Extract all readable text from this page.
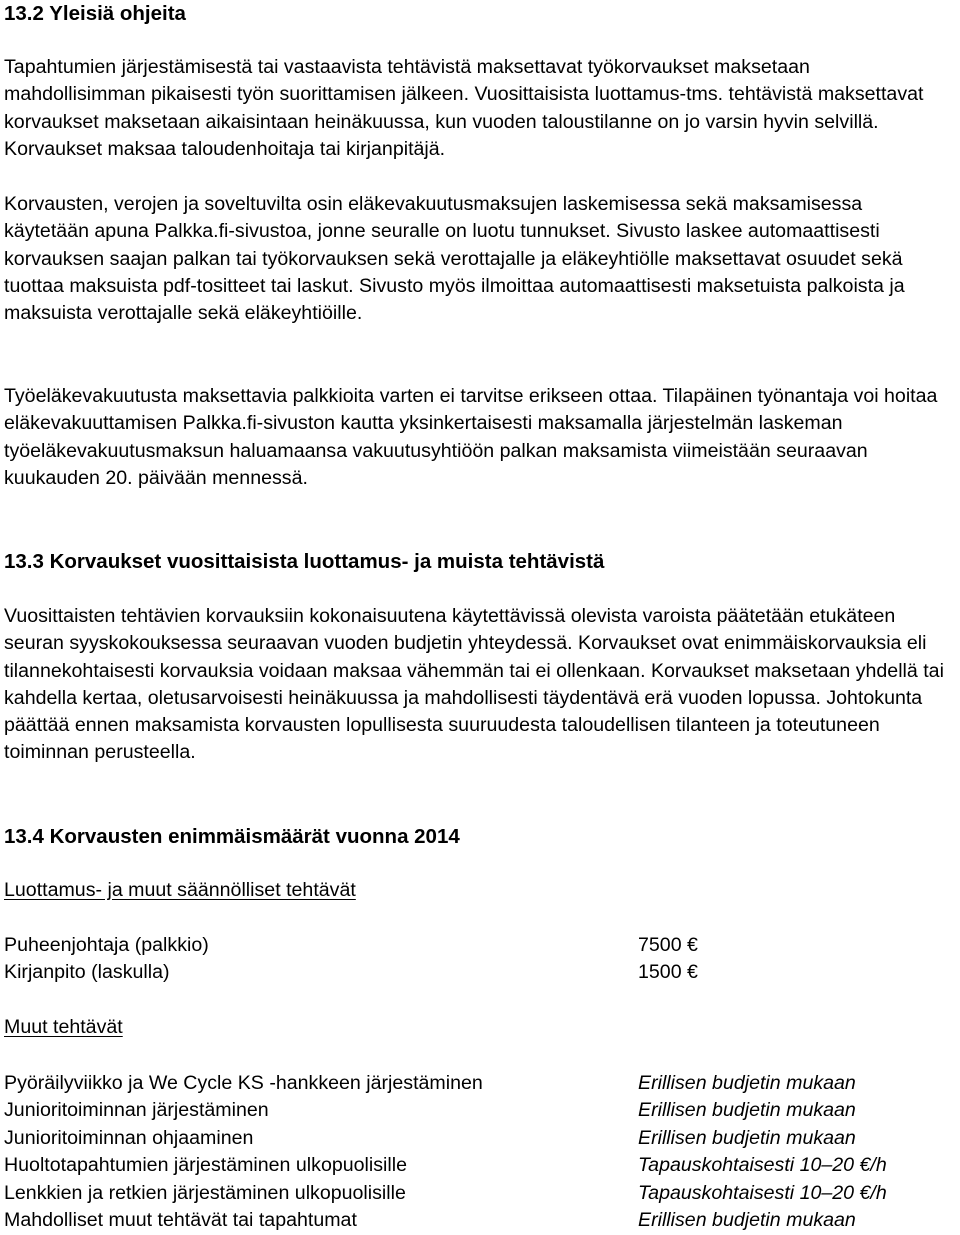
13.2 Yleisiä ohjeita

Tapahtumien järjestämisestä tai vastaavista tehtävistä maksettavat työkorvaukset maksetaan mahdollisimman pikaisesti työn suorittamisen jälkeen. Vuosittaisista luottamus-tms. tehtävistä maksettavat korvaukset maksetaan aikaisintaan heinäkuussa, kun vuoden taloustilanne on jo varsin hyvin selvillä. Korvaukset maksaa taloudenhoitaja tai kirjanpitäjä.

Korvausten, verojen ja soveltuvilta osin eläkevakuutusmaksujen laskemisessa sekä maksamisessa käytetään apuna Palkka.fi-sivustoa, jonne seuralle on luotu tunnukset. Sivusto laskee automaattisesti korvauksen saajan palkan tai työkorvauksen sekä verottajalle ja eläkeyhtiölle maksettavat osuudet sekä tuottaa maksuista pdf-tositteet tai laskut. Sivusto myös ilmoittaa automaattisesti maksetuista palkoista ja maksuista verottajalle sekä eläkeyhtiöille.

Työeläkevakuutusta maksettavia palkkioita varten ei tarvitse erikseen ottaa. Tilapäinen työnantaja voi hoitaa eläkevakuuttamisen Palkka.fi-sivuston kautta yksinkertaisesti maksamalla järjestelmän laskeman työeläkevakuutusmaksun haluamaansa vakuutusyhtiöön palkan maksamista viimeistään seuraavan kuukauden 20. päivään mennessä.

13.3 Korvaukset vuosittaisista luottamus- ja muista tehtävistä

Vuosittaisten tehtävien korvauksiin kokonaisuutena käytettävissä olevista varoista päätetään etukäteen seuran syyskokouksessa seuraavan vuoden budjetin yhteydessä. Korvaukset ovat enimmäiskorvauksia eli tilannekohtaisesti korvauksia voidaan maksaa vähemmän tai ei ollenkaan. Korvaukset maksetaan yhdellä tai kahdella kertaa, oletusarvoisesti heinäkuussa ja mahdollisesti täydentävä erä vuoden lopussa. Johtokunta päättää ennen maksamista korvausten lopullisesta suuruudesta taloudellisen tilanteen ja toteutuneen toiminnan perusteella.

13.4 Korvausten enimmäismäärät vuonna 2014

Luottamus- ja muut säännölliset tehtävät

Puheenjohtaja (palkkio)	7500 €
Kirjanpito (laskulla)	1500 €

Muut tehtävät

Pyöräilyviikko ja We Cycle KS -hankkeen järjestäminen	Erillisen budjetin mukaan
Junioritoiminnan järjestäminen	Erillisen budjetin mukaan
Junioritoiminnan ohjaaminen	Erillisen budjetin mukaan
Huoltotapahtumien järjestäminen ulkopuolisille	Tapauskohtaisesti 10–20 €/h
Lenkkien ja retkien järjestäminen ulkopuolisille	Tapauskohtaisesti 10–20 €/h
Mahdolliset muut tehtävät tai tapahtumat	Erillisen budjetin mukaan
